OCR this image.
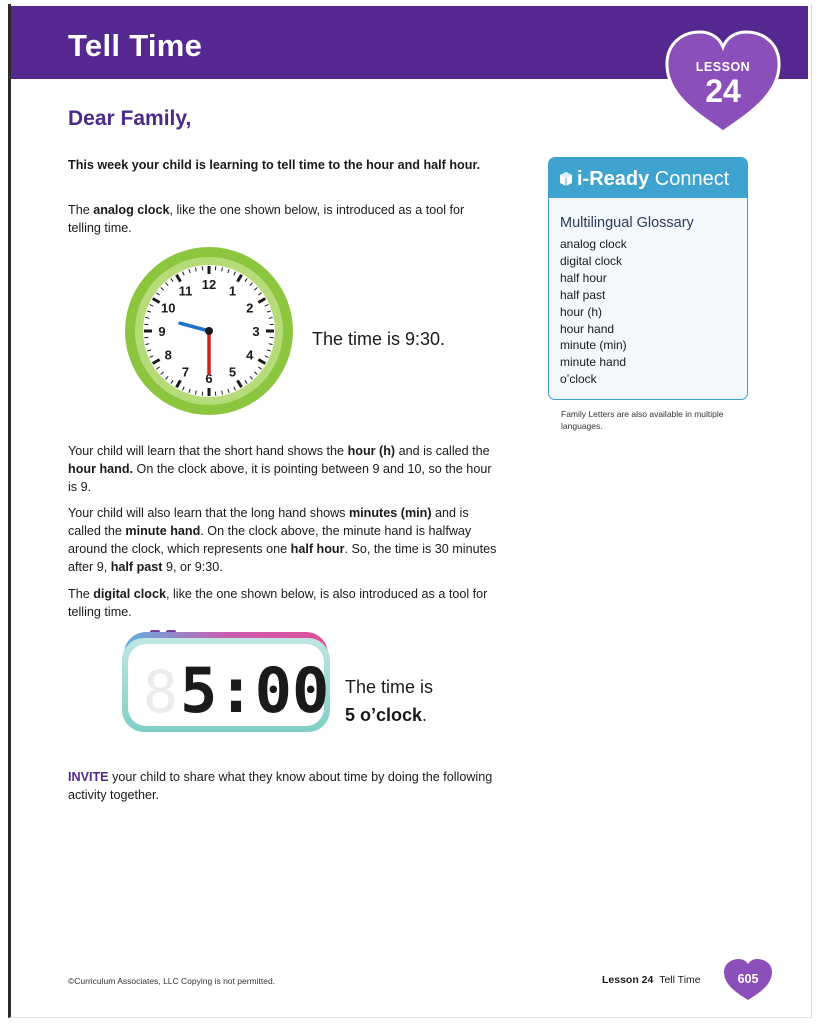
Tell Time
LESSON
24
Dear Family,
This week your child is learning to tell time to the hour and half hour.
The analog clock, like the one shown below, is introduced as a tool for telling time.
12 1
2
3
4
5
6
7
8
9
10
11
The time is 9:30.
Your child will learn that the short hand shows the hour (h) and is called the hour hand. On the clock above, it is pointing between 9 and 10, so the hour is 9.
Your child will also learn that the long hand shows minutes (min) and is called the minute hand. On the clock above, the minute hand is halfway around the clock, which represents one half hour. So, the time is 30 minutes after 9, half past 9, or 9:30.
The digital clock, like the one shown below, is also introduced as a tool for telling time.
8 5:00 The time is
5 o’clock.
INVITE your child to share what they know about time by doing the following activity together.
i-Ready Connect
Multilingual Glossary
analog clock
digital clock
half hour
half past
hour (h)
hour hand
minute (min)
minute hand
o’clock
Family Letters are also available in multiple languages.
©Curriculum Associates, LLC Copying is not permitted.	Lesson 24 Tell Time	605
